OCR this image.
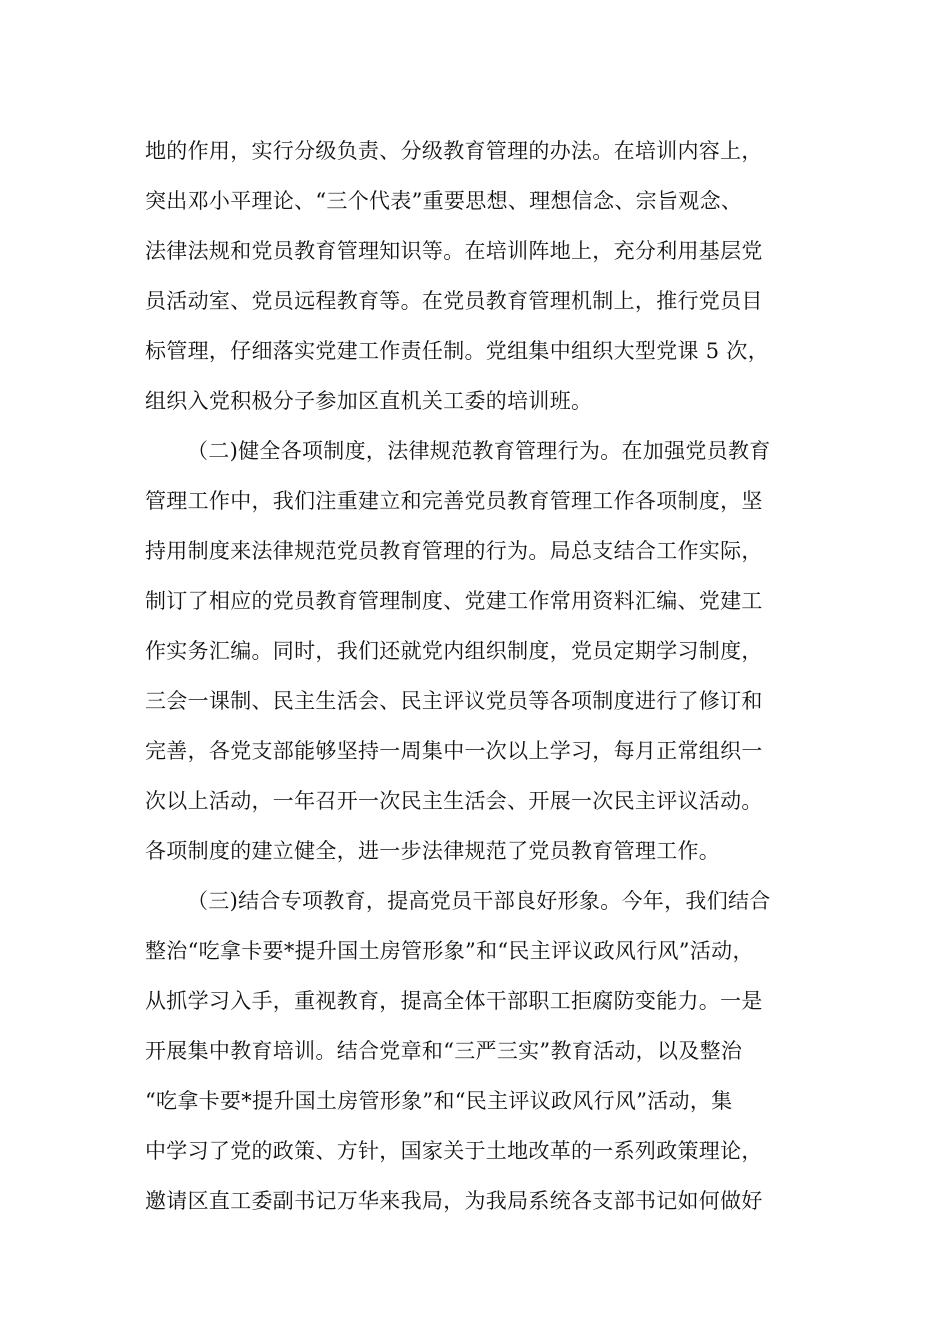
地的作用，实行分级负责、分级教育管理的办法。在培训内容上，
突出邓小平理论、“三个代表”重要思想、理想信念、宗旨观念、
法律法规和党员教育管理知识等。在培训阵地上，充分利用基层党
员活动室、党员远程教育等。在党员教育管理机制上，推行党员目
标管理，仔细落实党建工作责任制。党组集中组织大型党课 5 次，
组织入党积极分子参加区直机关工委的培训班。
（二)健全各项制度，法律规范教育管理行为。在加强党员教育
管理工作中，我们注重建立和完善党员教育管理工作各项制度，坚
持用制度来法律规范党员教育管理的行为。局总支结合工作实际，
制订了相应的党员教育管理制度、党建工作常用资料汇编、党建工
作实务汇编。同时，我们还就党内组织制度，党员定期学习制度，
三会一课制、民主生活会、民主评议党员等各项制度进行了修订和
完善，各党支部能够坚持一周集中一次以上学习，每月正常组织一
次以上活动，一年召开一次民主生活会、开展一次民主评议活动。
各项制度的建立健全，进一步法律规范了党员教育管理工作。
（三)结合专项教育，提高党员干部良好形象。今年，我们结合
整治“吃拿卡要*提升国土房管形象”和“民主评议政风行风”活动，
从抓学习入手，重视教育，提高全体干部职工拒腐防变能力。一是
开展集中教育培训。结合党章和“三严三实”教育活动，以及整治
“吃拿卡要*提升国土房管形象”和“民主评议政风行风”活动，集
中学习了党的政策、方针，国家关于土地改革的一系列政策理论，
邀请区直工委副书记万华来我局，为我局系统各支部书记如何做好
